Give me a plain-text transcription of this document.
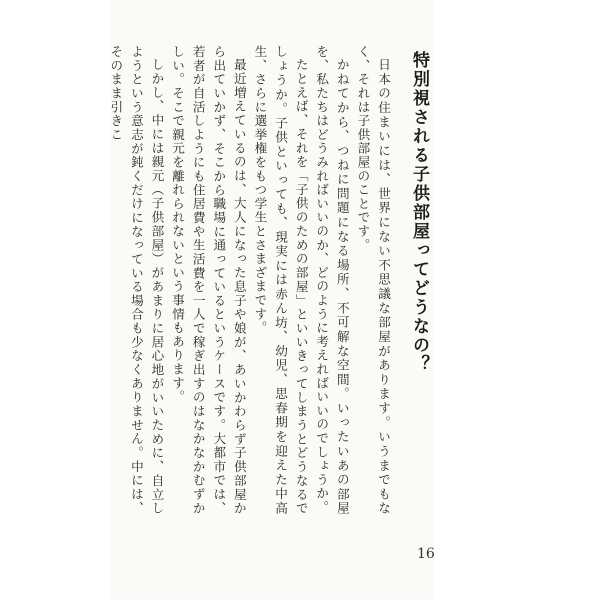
特別視される子供部屋ってどうなの？
日本の住まいには、世界にない不思議な部屋があります。いうまでもなく、それは子供部屋のことです。
かねてから、つねに問題になる場所、不可解な空間。いったいあの部屋を、私たちはどうみればいいのか、どのように考えればいいのでしょうか。
たとえば、それを「子供のための部屋」といいきってしまうとどうなるでしょうか。子供といっても、現実には赤ん坊、幼児、思春期を迎えた中高生、さらに選挙権をもつ学生とさまざまです。
最近増えているのは、大人になった息子や娘が、あいかわらず子供部屋から出ていかず、そこから職場に通っているというケースです。大都市では、若者が自活しようにも住居費や生活費を一人で稼ぎ出すのはなかなかむずかしい。そこで親元を離れられないという事情もあります。
しかし、中には親元（子供部屋）があまりに居心地がいいために、自立しようという意志が鈍くだけになっている場合も少なくありません。中には、そのまま引きこ
16
